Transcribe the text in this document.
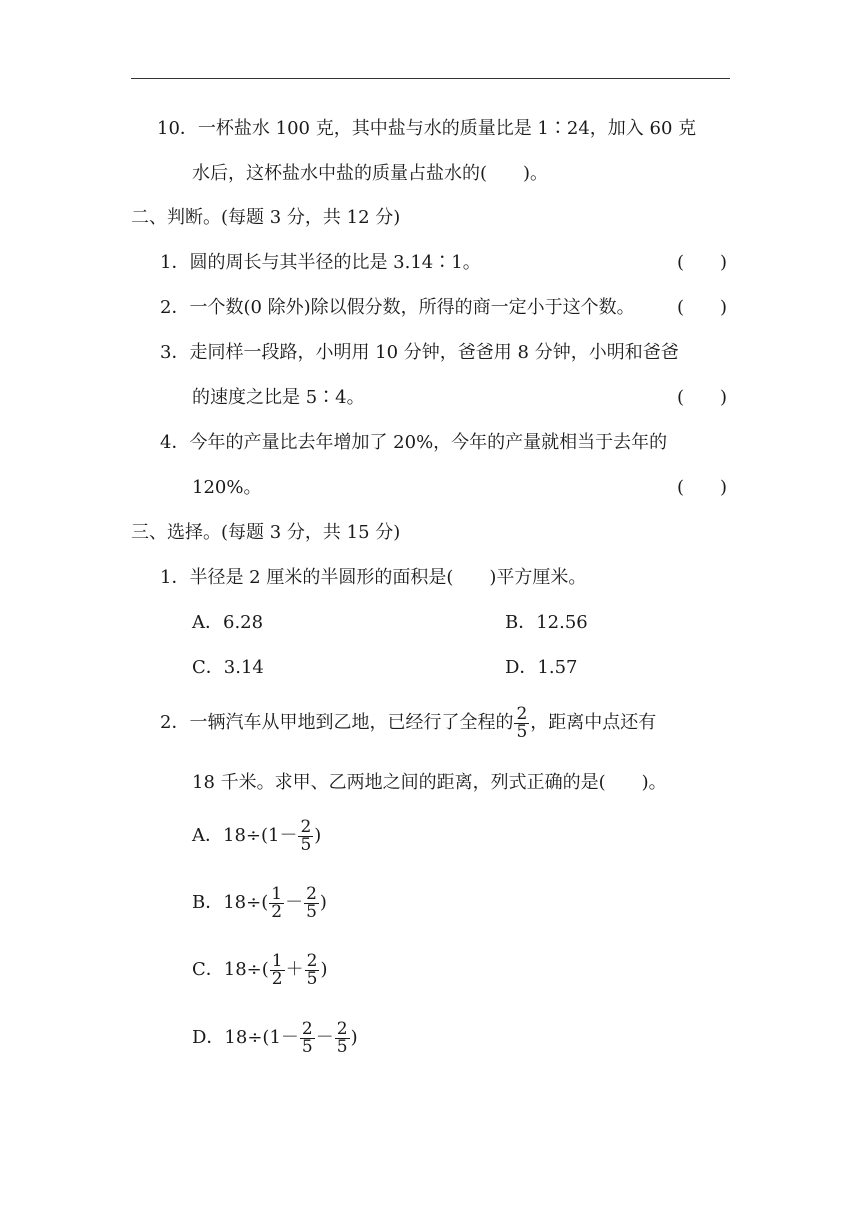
10．一杯盐水 100 克，其中盐与水的质量比是 1∶24，加入 60 克
水后，这杯盐水中盐的质量占盐水的(　　)。
二、判断。(每题 3 分，共 12 分)
1．圆的周长与其半径的比是 3.14∶1。	(　　)
2．一个数(0 除外)除以假分数，所得的商一定小于这个数。 (　　)
3．走同样一段路，小明用 10 分钟，爸爸用 8 分钟，小明和爸爸
的速度之比是 5∶4。	(　　)
4．今年的产量比去年增加了 20%，今年的产量就相当于去年的
120%。	(　　)
三、选择。(每题 3 分，共 15 分)
1．半径是 2 厘米的半圆形的面积是(　　)平方厘米。
A．6.28	B．12.56
C．3.14	D．1.57
2．一辆汽车从甲地到乙地，已经行了全程的 $\frac{2}{5}$ ，距离中点还有
18 千米。求甲、乙两地之间的距离，列式正确的是(　　)。
A．$18\div(1- \frac{2}{5}$ )
B．$18\div( \frac{1}{2} - \frac{2}{5}$ )
C．$18\div( \frac{1}{2} + \frac{2}{5}$ )
D．$18\div(1- \frac{2}{5} - \frac{2}{5}$ )
